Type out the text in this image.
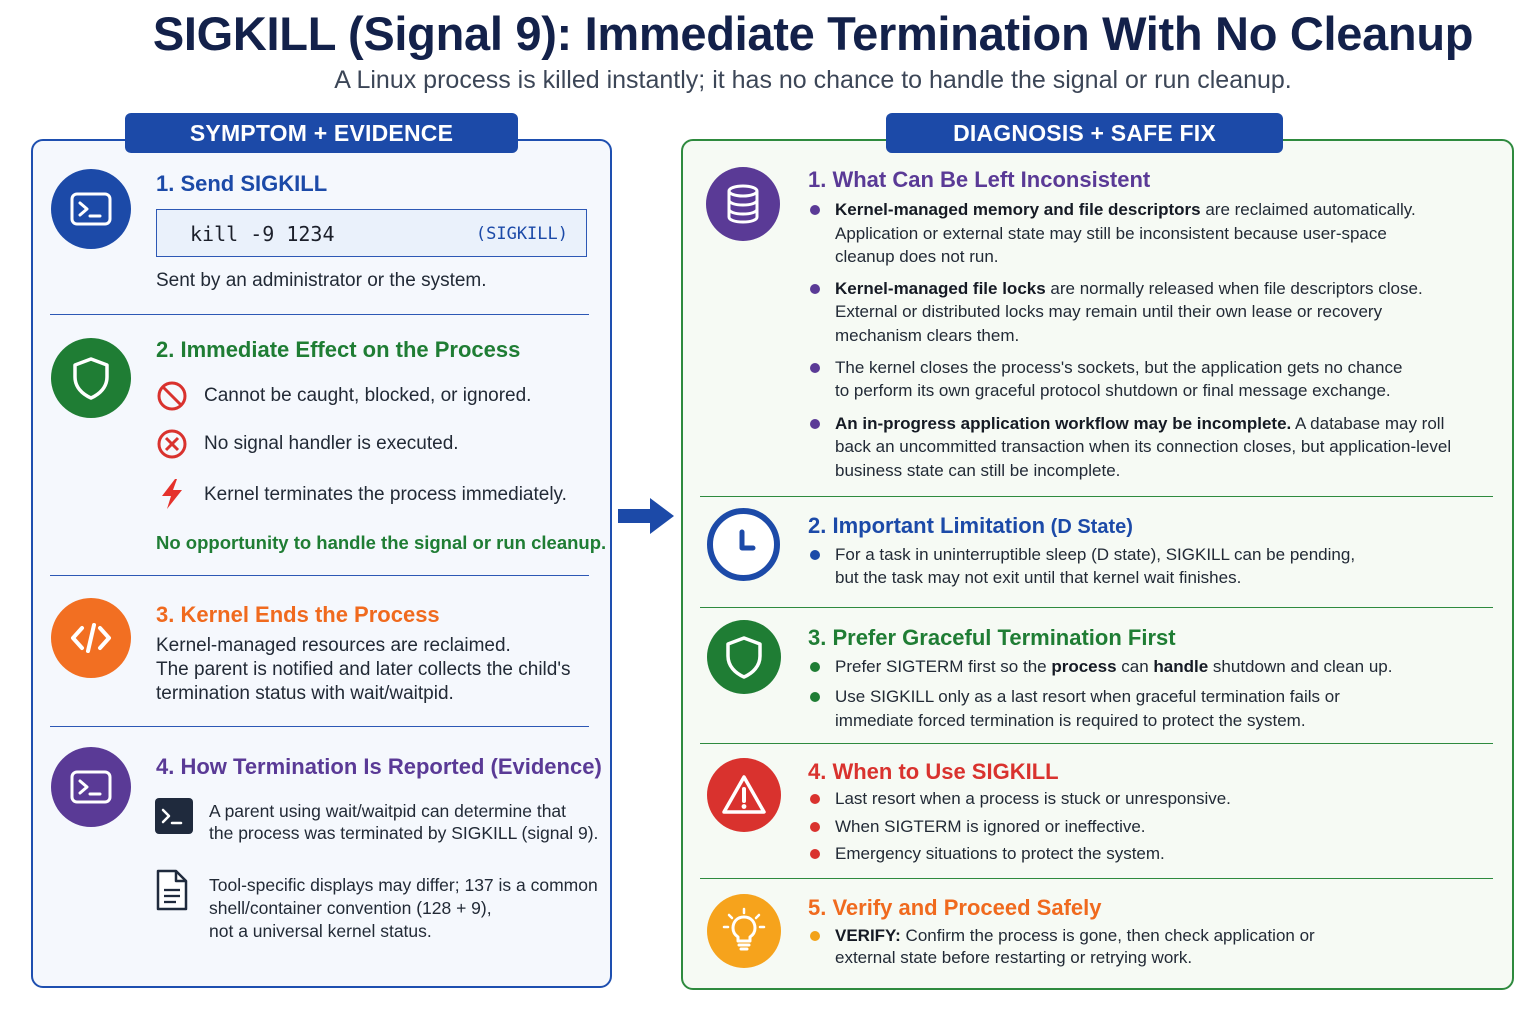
SIGKILL (Signal 9): Immediate Termination With No Cleanup
A Linux process is killed instantly; it has no chance to handle the signal or run cleanup.
SYMPTOM + EVIDENCE
1. Send SIGKILL
kill -9 1234	(SIGKILL)
Sent by an administrator or the system.
2. Immediate Effect on the Process
Cannot be caught, blocked, or ignored.
No signal handler is executed.
Kernel terminates the process immediately.
No opportunity to handle the signal or run cleanup.
3. Kernel Ends the Process
Kernel-managed resources are reclaimed.
The parent is notified and later collects the child's
termination status with wait/waitpid.
4. How Termination Is Reported (Evidence)
A parent using wait/waitpid can determine that
the process was terminated by SIGKILL (signal 9).
Tool-specific displays may differ; 137 is a common
shell/container convention (128 + 9),
not a universal kernel status.
DIAGNOSIS + SAFE FIX
1. What Can Be Left Inconsistent
Kernel-managed memory and file descriptors are reclaimed automatically.
Application or external state may still be inconsistent because user-space
cleanup does not run.
Kernel-managed file locks are normally released when file descriptors close.
External or distributed locks may remain until their own lease or recovery
mechanism clears them.
The kernel closes the process's sockets, but the application gets no chance
to perform its own graceful protocol shutdown or final message exchange.
An in-progress application workflow may be incomplete. A database may roll
back an uncommitted transaction when its connection closes, but application-level
business state can still be incomplete.
2. Important Limitation (D State)
For a task in uninterruptible sleep (D state), SIGKILL can be pending,
but the task may not exit until that kernel wait finishes.
3. Prefer Graceful Termination First
Prefer SIGTERM first so the process can handle shutdown and clean up.
Use SIGKILL only as a last resort when graceful termination fails or
immediate forced termination is required to protect the system.
4. When to Use SIGKILL
Last resort when a process is stuck or unresponsive.
When SIGTERM is ignored or ineffective.
Emergency situations to protect the system.
5. Verify and Proceed Safely
VERIFY: Confirm the process is gone, then check application or
external state before restarting or retrying work.
